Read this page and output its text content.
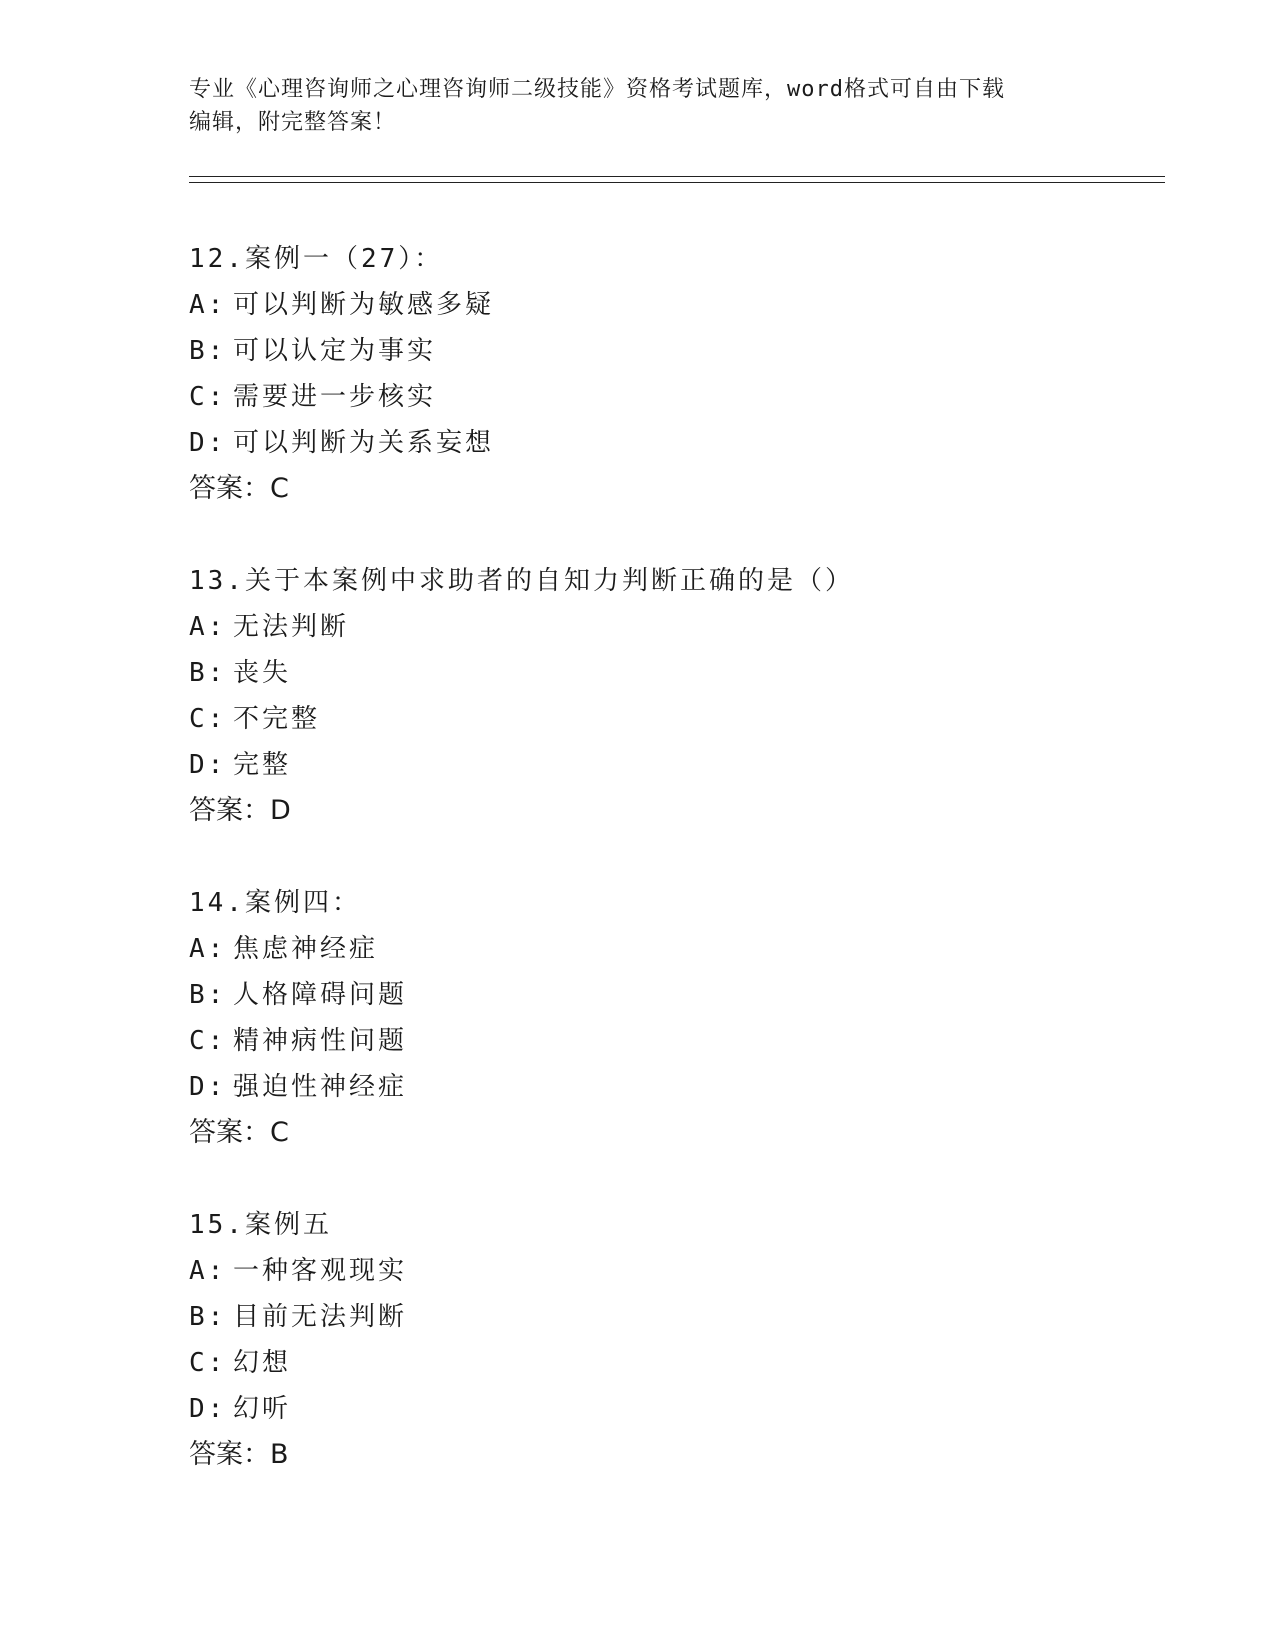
专业《心理咨询师之心理咨询师二级技能》资格考试题库，word格式可自由下载
编辑，附完整答案！
12.案例一（27）：
A: 可以判断为敏感多疑
B: 可以认定为事实
C: 需要进一步核实
D: 可以判断为关系妄想
答案：C
13.关于本案例中求助者的自知力判断正确的是（）
A: 无法判断
B: 丧失
C: 不完整
D: 完整
答案：D
14.案例四：
A: 焦虑神经症
B: 人格障碍问题
C: 精神病性问题
D: 强迫性神经症
答案：C
15.案例五
A: 一种客观现实
B: 目前无法判断
C: 幻想
D: 幻听
答案：B
